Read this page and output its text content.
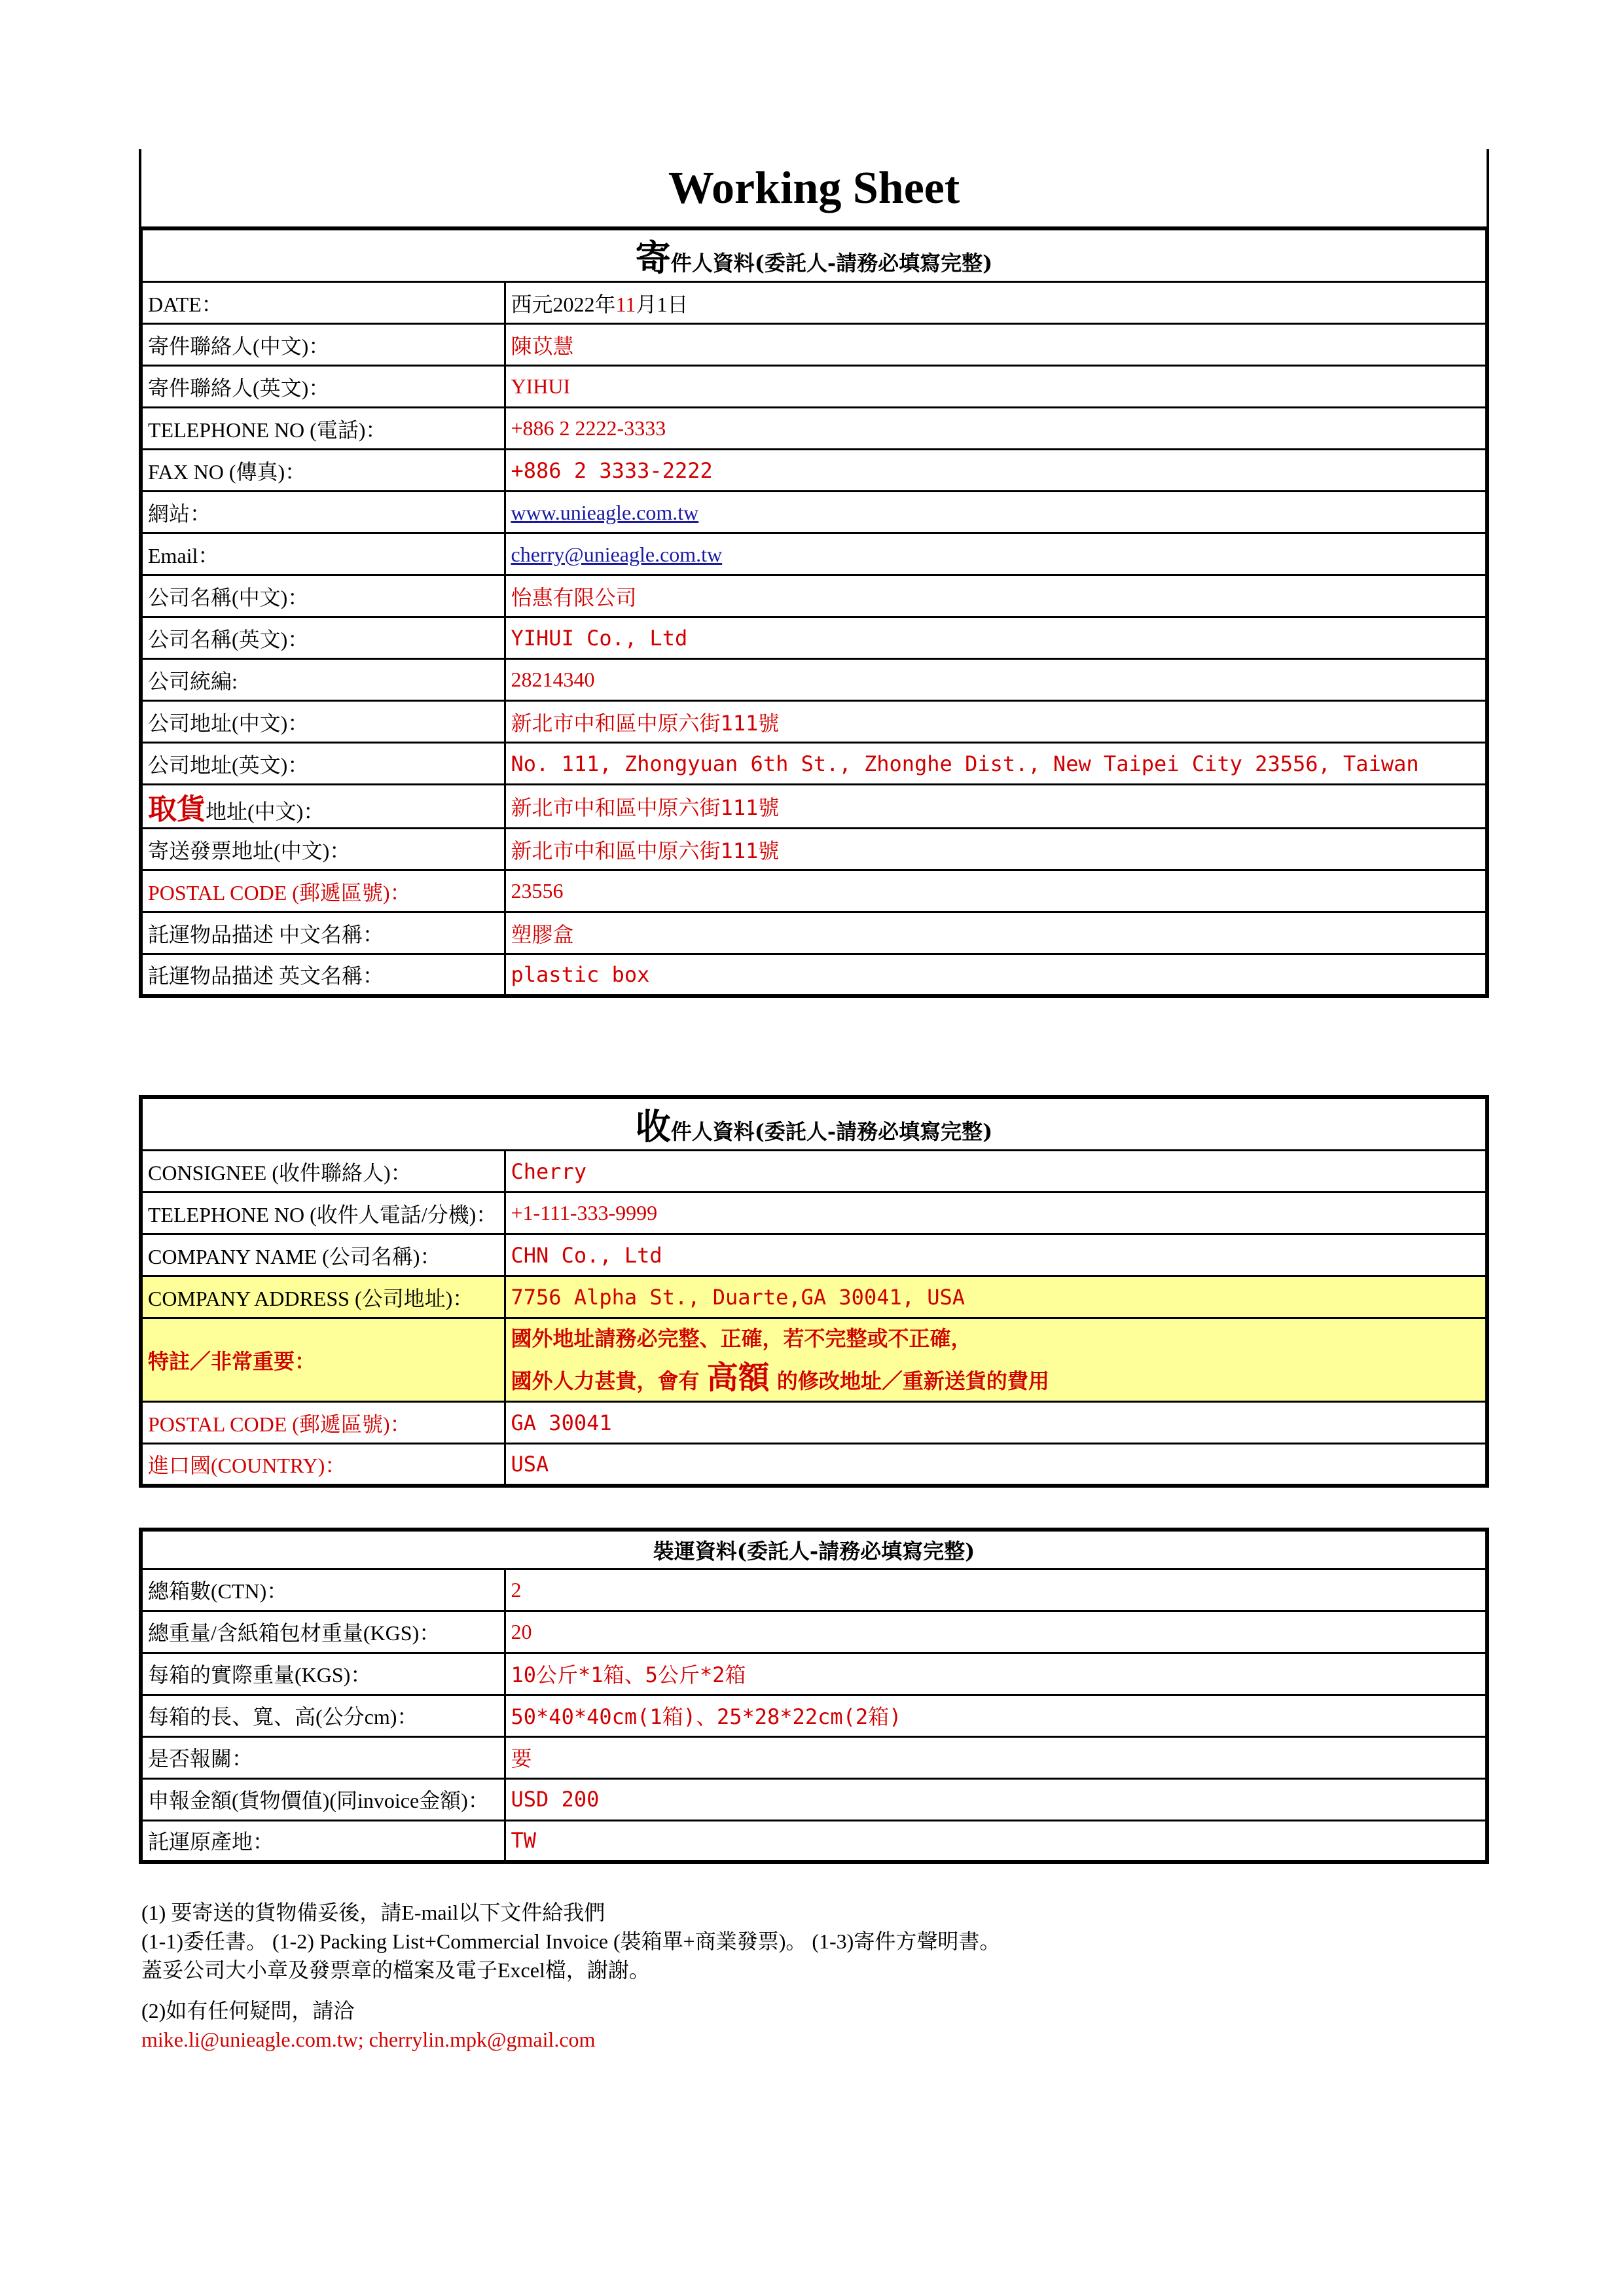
Working Sheet
寄件人資料(委託人-請務必填寫完整)	
DATE：	西元2022年11月1日
寄件聯絡人(中文)：	陳苡慧
寄件聯絡人(英文)：	YIHUI
TELEPHONE NO (電話)：	+886 2 2222-3333
FAX NO (傳真)：	+886 2 3333-2222
網站：	www.unieagle.com.tw
Email：	cherry@unieagle.com.tw
公司名稱(中文)：	怡惠有限公司
公司名稱(英文)：	YIHUI Co., Ltd
公司統編:	28214340
公司地址(中文)：	新北市中和區中原六街111號
公司地址(英文)：	No. 111, Zhongyuan 6th St., Zhonghe Dist., New Taipei City 23556, Taiwan
取貨地址(中文)：	新北市中和區中原六街111號
寄送發票地址(中文)：	新北市中和區中原六街111號
POSTAL CODE (郵遞區號)：	23556
託運物品描述 中文名稱：	塑膠盒
託運物品描述 英文名稱：	plastic box
收件人資料(委託人-請務必填寫完整)	
CONSIGNEE (收件聯絡人)：	Cherry
TELEPHONE NO (收件人電話/分機)：	+1-111-333-9999
COMPANY NAME (公司名稱)：	CHN Co., Ltd
COMPANY ADDRESS (公司地址)：	7756 Alpha St., Duarte,GA 30041, USA
特註／非常重要：	國外地址請務必完整、正確，若不完整或不正確，
國外人力甚貴，會有 高額 的修改地址／重新送貨的費用

POSTAL CODE (郵遞區號)：	GA 30041
進口國(COUNTRY)：	USA
裝運資料(委託人-請務必填寫完整)	
總箱數(CTN)：	2
總重量/含紙箱包材重量(KGS)：	20
每箱的實際重量(KGS)：	10公斤*1箱、5公斤*2箱
每箱的長、寬、高(公分cm)：	50*40*40cm(1箱)、25*28*22cm(2箱)
是否報關：	要
申報金額(貨物價值)(同invoice金額)：	USD 200
託運原產地：	TW

(1) 要寄送的貨物備妥後，請E-mail以下文件給我們

(1-1)委任書。 (1-2) Packing List+Commercial Invoice (裝箱單+商業發票)。 (1-3)寄件方聲明書。

蓋妥公司大小章及發票章的檔案及電子Excel檔，謝謝。

(2)如有任何疑問，請洽

mike.li@unieagle.com.tw; cherrylin.mpk@gmail.com
